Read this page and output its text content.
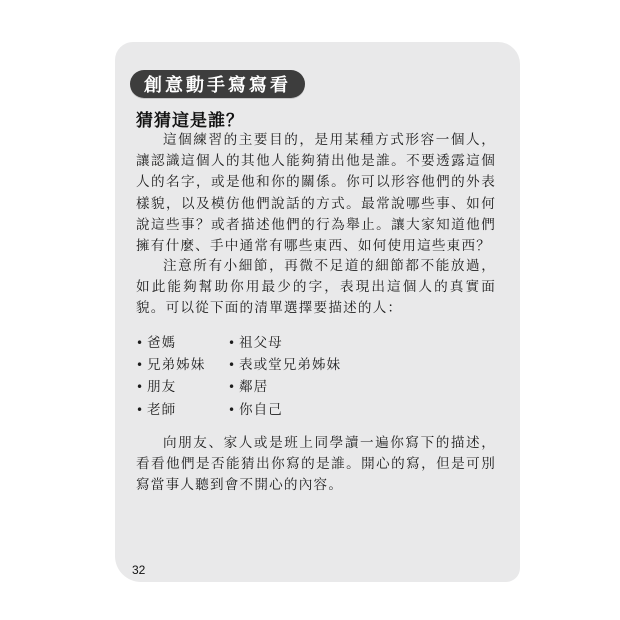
創意動手寫寫看
猜猜這是誰？
這個練習的主要目的，是用某種方式形容一個人，讓認識這個人的其他人能夠猜出他是誰。不要透露這個人的名字，或是他和你的關係。你可以形容他們的外表樣貌，以及模仿他們說話的方式。最常說哪些事、如何說這些事？或者描述他們的行為舉止。讓大家知道他們擁有什麼、手中通常有哪些東西、如何使用這些東西？
注意所有小細節，再微不足道的細節都不能放過，如此能夠幫助你用最少的字，表現出這個人的真實面貌。可以從下面的清單選擇要描述的人：
• 爸媽	• 祖父母
• 兄弟姊妹	• 表或堂兄弟姊妹
• 朋友	• 鄰居
• 老師	• 你自己
向朋友、家人或是班上同學讀一遍你寫下的描述，看看他們是否能猜出你寫的是誰。開心的寫，但是可別寫當事人聽到會不開心的內容。
32
